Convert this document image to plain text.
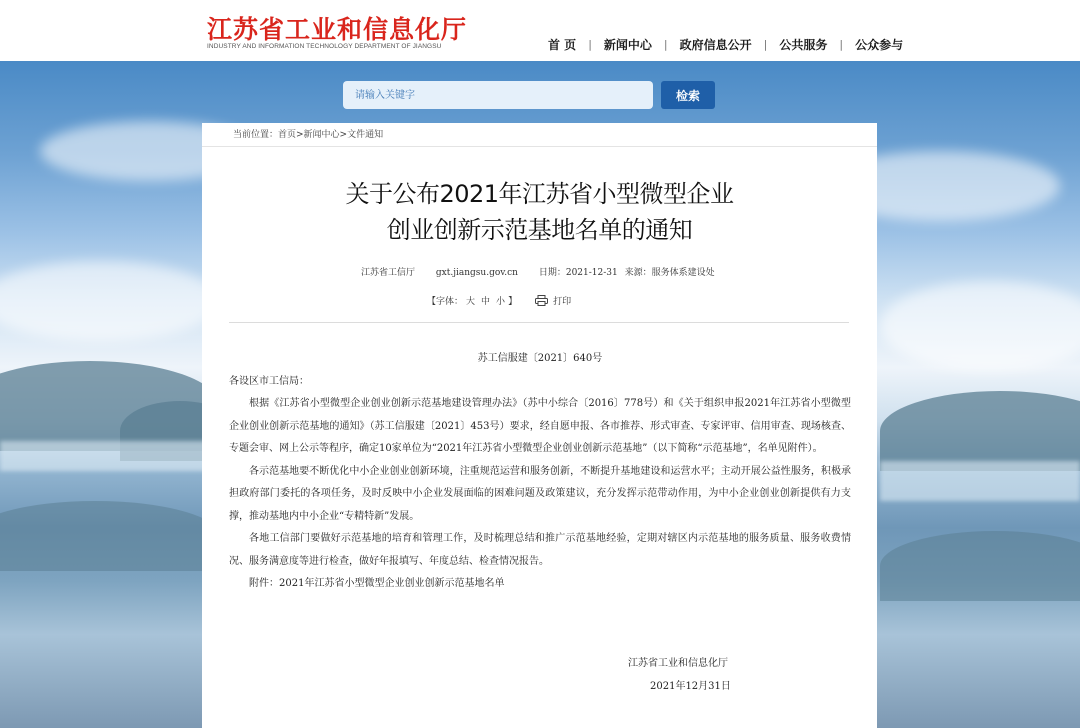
江苏省工业和信息化厅
INDUSTRY AND INFORMATION TECHNOLOGY DEPARTMENT OF JIANGSU	首 页 | 新闻中心 | 政府信息公开 | 公共服务 | 公众参与
请输入关键字
检索
当前位置：首页>新闻中心>文件通知
关于公布2021年江苏省小型微型企业
创业创新示范基地名单的通知
江苏省工信厅 gxt.jiangsu.gov.cn 日期：2021-12-31 来源：服务体系建设处
【字体： 大 中 小 】	打印
苏工信服建〔2021〕640号
各设区市工信局：
根据《江苏省小型微型企业创业创新示范基地建设管理办法》（苏中小综合〔2016〕778号）和《关于组织申报2021年江苏省小型微型企业创业创新示范基地的通知》（苏工信服建〔2021〕453号）要求，经自愿申报、各市推荐、形式审查、专家评审、信用审查、现场核查、专题会审、网上公示等程序，确定10家单位为“2021年江苏省小型微型企业创业创新示范基地”（以下简称“示范基地”，名单见附件）。
各示范基地要不断优化中小企业创业创新环境，注重规范运营和服务创新，不断提升基地建设和运营水平；主动开展公益性服务，积极承担政府部门委托的各项任务，及时反映中小企业发展面临的困难问题及政策建议，充分发挥示范带动作用，为中小企业创业创新提供有力支撑，推动基地内中小企业“专精特新”发展。
各地工信部门要做好示范基地的培育和管理工作，及时梳理总结和推广示范基地经验，定期对辖区内示范基地的服务质量、服务收费情况、服务满意度等进行检查，做好年报填写、年度总结、检查情况报告。
附件：2021年江苏省小型微型企业创业创新示范基地名单
江苏省工业和信息化厅
2021年12月31日
